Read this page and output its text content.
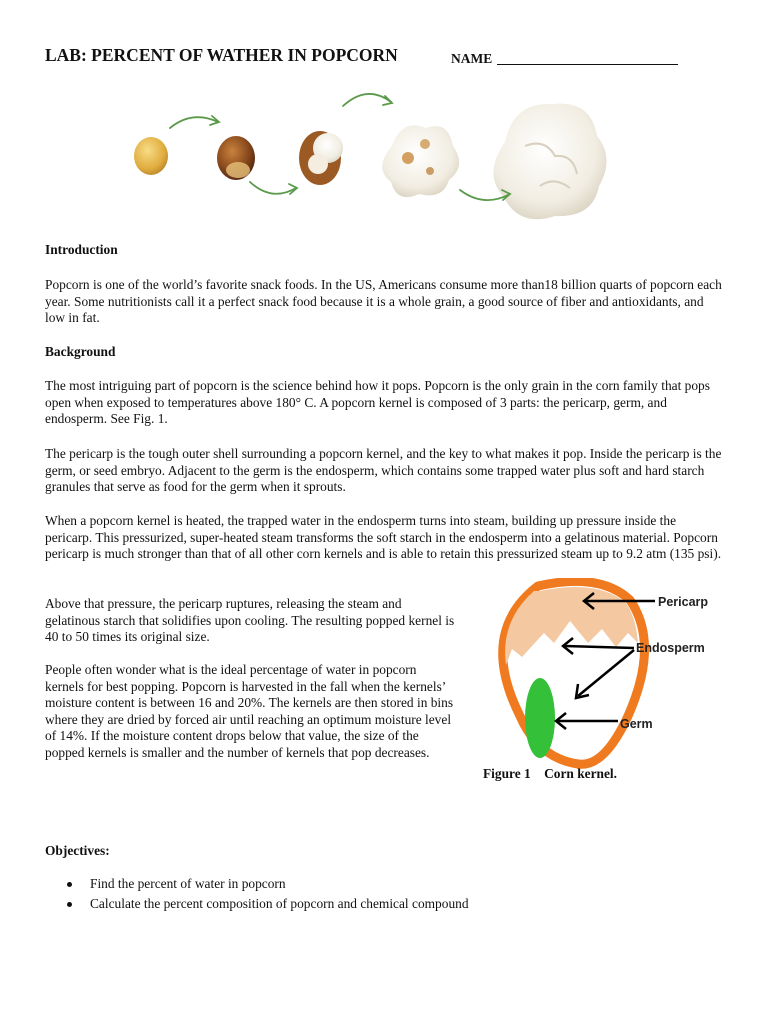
LAB: PERCENT OF WATHER IN POPCORN	NAME
Introduction
Popcorn is one of the world’s favorite snack foods. In the US, Americans consume more than18 billion quarts of popcorn each year. Some nutritionists call it a perfect snack food because it is a whole grain, a good source of fiber and antioxidants, and low in fat.
Background
The most intriguing part of popcorn is the science behind how it pops. Popcorn is the only grain in the corn family that pops open when exposed to temperatures above 180° C. A popcorn kernel is composed of 3 parts: the pericarp, germ, and endosperm. See Fig. 1.
The pericarp is the tough outer shell surrounding a popcorn kernel, and the key to what makes it pop. Inside the pericarp is the germ, or seed embryo. Adjacent to the germ is the endosperm, which contains some trapped water plus soft and hard starch granules that serve as food for the germ when it sprouts.
When a popcorn kernel is heated, the trapped water in the endosperm turns into steam, building up pressure inside the pericarp. This pressurized, super-heated steam transforms the soft starch in the endosperm into a gelatinous material. Popcorn pericarp is much stronger than that of all other corn kernels and is able to retain this pressurized steam up to 9.2 atm (135 psi).
Above that pressure, the pericarp ruptures, releasing the steam and gelatinous starch that solidifies upon cooling. The resulting popped kernel is 40 to 50 times its original size.
People often wonder what is the ideal percentage of water in popcorn kernels for best popping. Popcorn is harvested in the fall when the kernels’ moisture content is between 16 and 20%. The kernels are then stored in bins where they are dried by forced air until reaching an optimum moisture level of 14%. If the moisture content drops below that value, the size of the popped kernels is smaller and the number of kernels that pop decreases.
Pericarp
Endosperm
Germ
Figure 1 Corn kernel.
Objectives:
Find the percent of water in popcorn
Calculate the percent composition of popcorn and chemical compound
